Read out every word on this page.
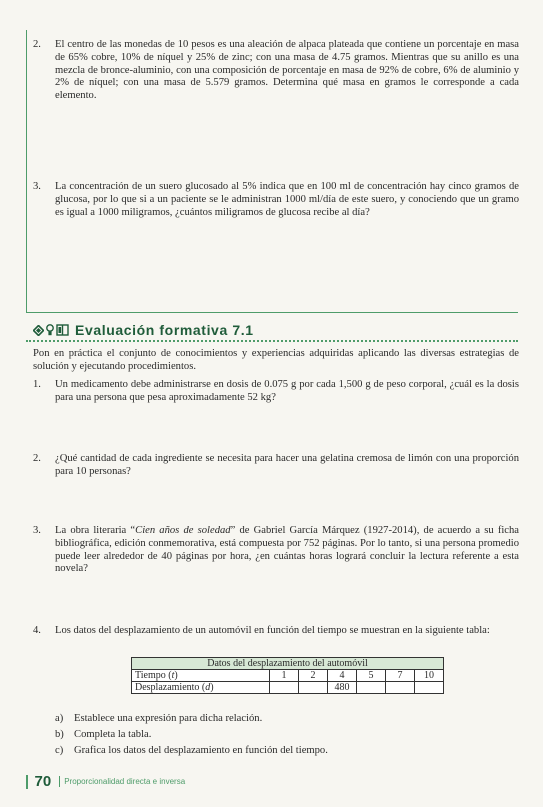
2. El centro de las monedas de 10 pesos es una aleación de alpaca plateada que contiene un porcentaje en masa de 65% cobre, 10% de níquel y 25% de zinc; con una masa de 4.75 gramos. Mientras que su anillo es una mezcla de bronce-aluminio, con una composición de porcentaje en masa de 92% de cobre, 6% de aluminio y 2% de níquel; con una masa de 5.579 gramos. Determina qué masa en gramos le corresponde a cada elemento.
3. La concentración de un suero glucosado al 5% indica que en 100 ml de concentración hay cinco gramos de glucosa, por lo que si a un paciente se le administran 1000 ml/día de este suero, y conociendo que un gramo es igual a 1000 miligramos, ¿cuántos miligramos de glucosa recibe al día?
Evaluación formativa 7.1
Pon en práctica el conjunto de conocimientos y experiencias adquiridas aplicando las diversas estrategias de solución y ejecutando procedimientos.
1. Un medicamento debe administrarse en dosis de 0.075 g por cada 1,500 g de peso corporal, ¿cuál es la dosis para una persona que pesa aproximadamente 52 kg?
2. ¿Qué cantidad de cada ingrediente se necesita para hacer una gelatina cremosa de limón con una proporción para 10 personas?
3. La obra literaria “Cien años de soledad” de Gabriel García Márquez (1927-2014), de acuerdo a su ficha bibliográfica, edición conmemorativa, está compuesta por 752 páginas. Por lo tanto, si una persona promedio puede leer alrededor de 40 páginas por hora, ¿en cuántas horas logrará concluir la lectura referente a esta novela?
4. Los datos del desplazamiento de un automóvil en función del tiempo se muestran en la siguiente tabla:
Datos del desplazamiento del automóvil						
Tiempo (t)	1	2	4	5	7	10
Desplazamiento (d)			480			
a) Establece una expresión para dicha relación.
b) Completa la tabla.
c) Grafica los datos del desplazamiento en función del tiempo.
70 Proporcionalidad directa e inversa
